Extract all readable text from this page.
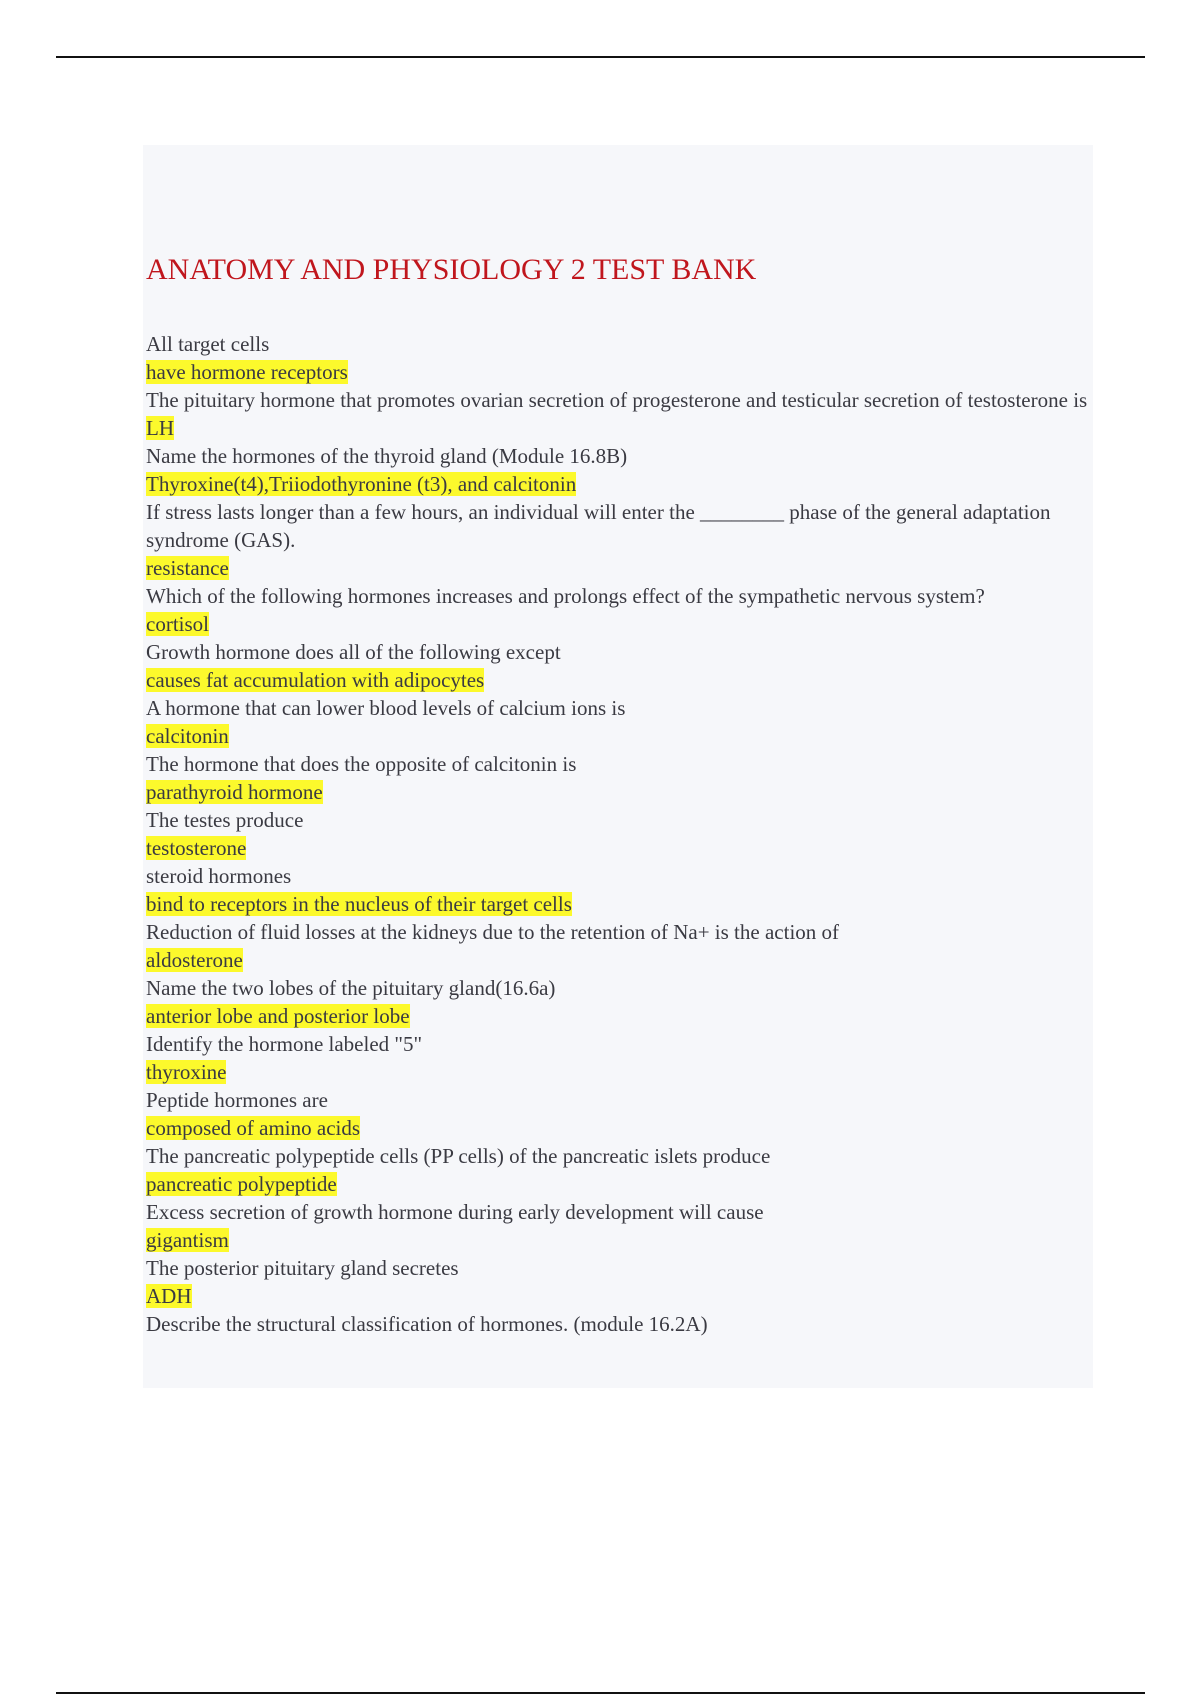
ANATOMY AND PHYSIOLOGY 2 TEST BANK
All target cells
have hormone receptors
The pituitary hormone that promotes ovarian secretion of progesterone and testicular secretion of testosterone is
LH
Name the hormones of the thyroid gland (Module 16.8B)
Thyroxine(t4),Triiodothyronine (t3), and calcitonin
If stress lasts longer than a few hours, an individual will enter the ________ phase of the general adaptation syndrome (GAS).
resistance
Which of the following hormones increases and prolongs effect of the sympathetic nervous system?
cortisol
Growth hormone does all of the following except
causes fat accumulation with adipocytes
A hormone that can lower blood levels of calcium ions is
calcitonin
The hormone that does the opposite of calcitonin is
parathyroid hormone
The testes produce
testosterone
steroid hormones
bind to receptors in the nucleus of their target cells
Reduction of fluid losses at the kidneys due to the retention of Na+ is the action of
aldosterone
Name the two lobes of the pituitary gland(16.6a)
anterior lobe and posterior lobe
Identify the hormone labeled "5"
thyroxine
Peptide hormones are
composed of amino acids
The pancreatic polypeptide cells (PP cells) of the pancreatic islets produce
pancreatic polypeptide
Excess secretion of growth hormone during early development will cause
gigantism
The posterior pituitary gland secretes
ADH
Describe the structural classification of hormones. (module 16.2A)
